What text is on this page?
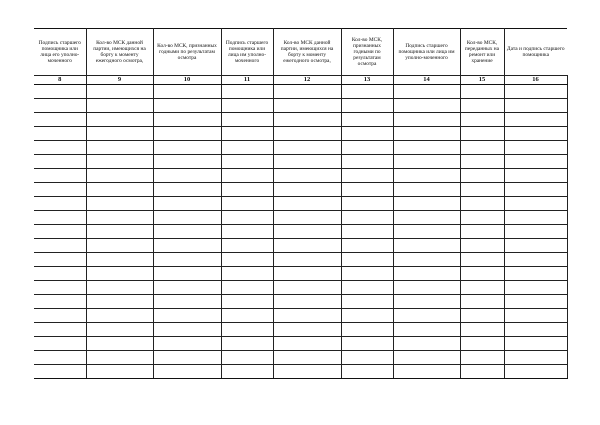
Подпись старшего помощника или лица его уполно-моченного	Кол-во МСК данной партии, имеющихся на борту к моменту ежегодного осмотра,	Кол-во МСК, признанных годными по результатам осмотра	Подпись старшего помощника или лица им уполно-моченного	Кол-во МСК данной партии, имеющихся на борту к моменту ежегодного осмотра,	Кол-во МСК, признанных годными по результатам осмотра	Подпись старшего помощника или лица им уполно-моченного	Кол-во МСК, переданных на ремонт или хранение	Дата и подпись старшего помощника

8	9	10	11	12	13	14	15	16
